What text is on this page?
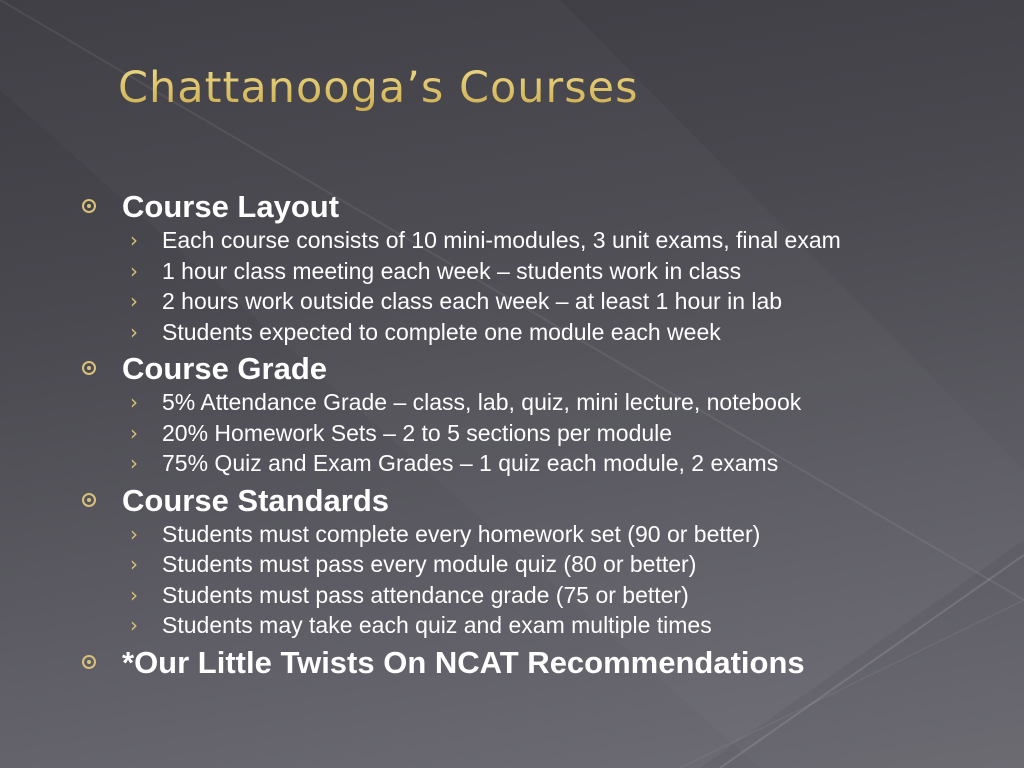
Chattanooga’s Courses
Course Layout
› Each course consists of 10 mini-modules, 3 unit exams, final exam
› 1 hour class meeting each week – students work in class
› 2 hours work outside class each week – at least 1 hour in lab
› Students expected to complete one module each week
Course Grade
› 5% Attendance Grade – class, lab, quiz, mini lecture, notebook
› 20% Homework Sets – 2 to 5 sections per module
› 75% Quiz and Exam Grades – 1 quiz each module, 2 exams
Course Standards
› Students must complete every homework set (90 or better)
› Students must pass every module quiz (80 or better)
› Students must pass attendance grade (75 or better)
› Students may take each quiz and exam multiple times
*Our Little Twists On NCAT Recommendations
